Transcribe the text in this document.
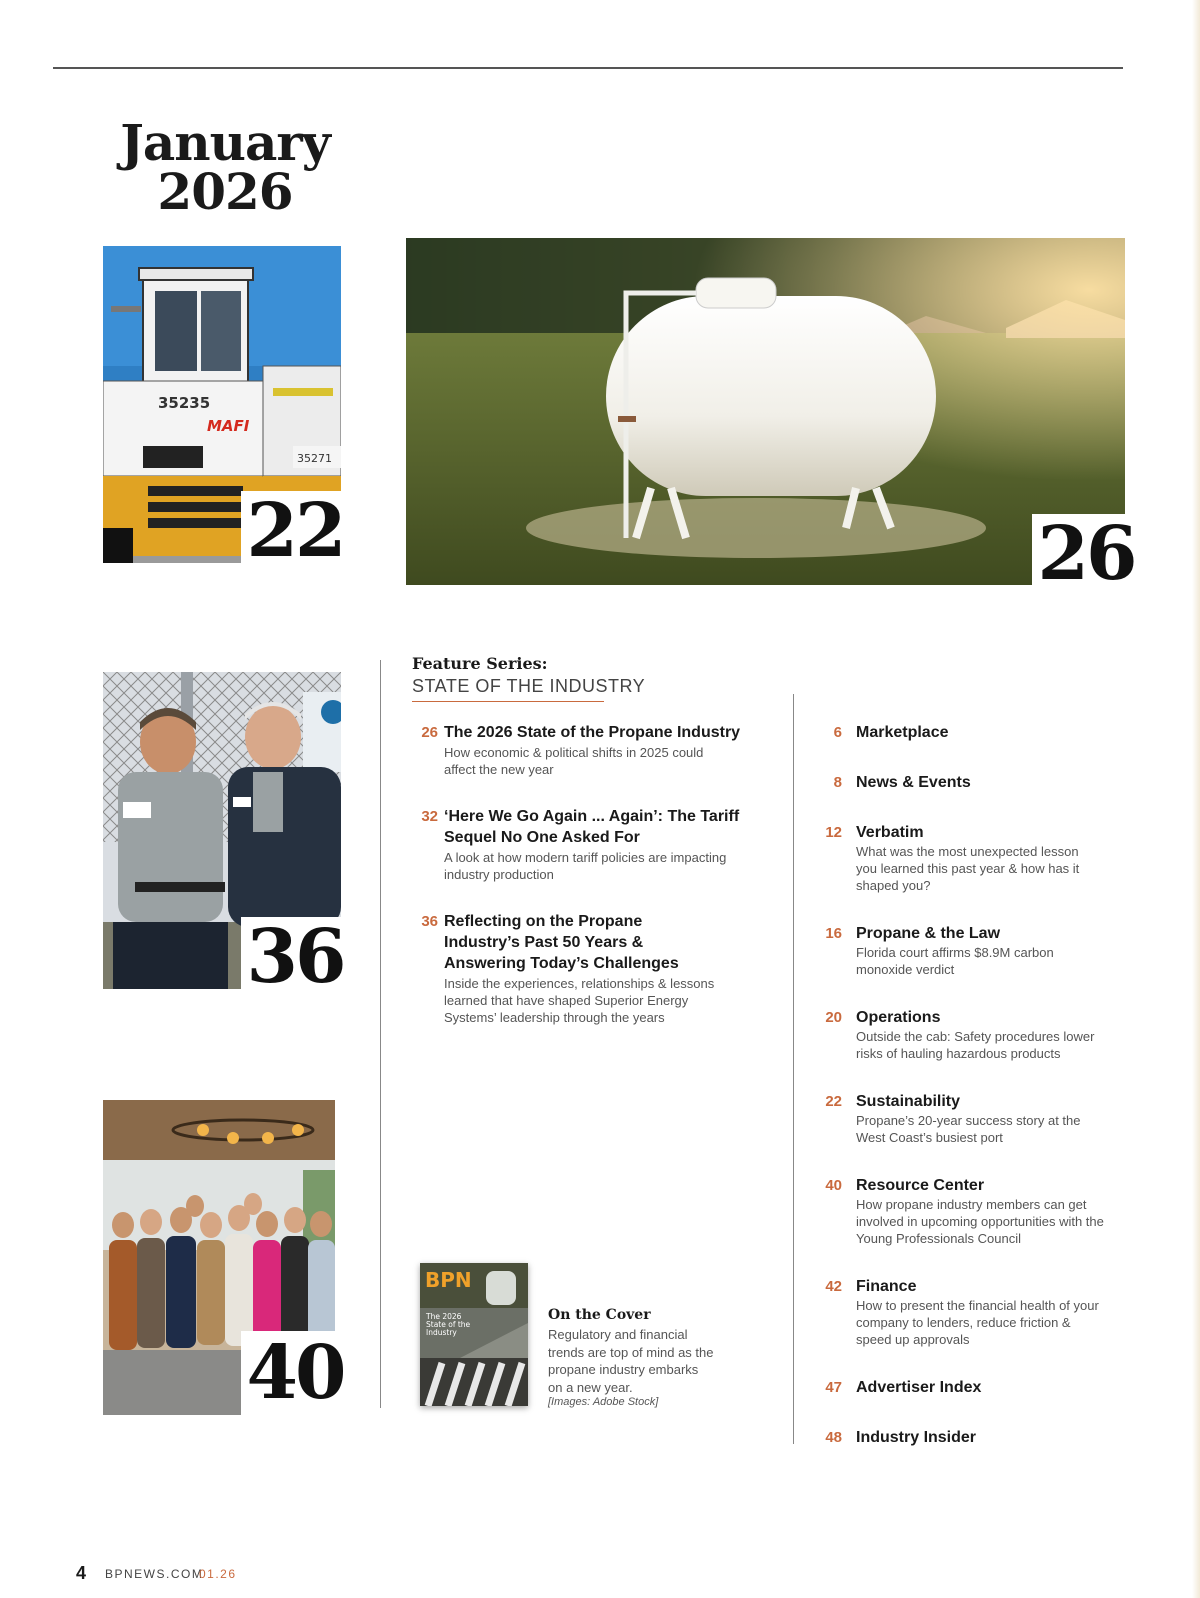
January
2026
35235
MAFI
35271
22	26
36
40
Feature Series:
STATE OF THE INDUSTRY
26 The 2026 State of the Propane Industry
How economic & political shifts in 2025 could
affect the new year
32 ‘Here We Go Again ... Again’: The Tariff
Sequel No One Asked For
A look at how modern tariff policies are impacting
industry production
36 Reflecting on the Propane
Industry’s Past 50 Years &
Answering Today’s Challenges
Inside the experiences, relationships & lessons
learned that have shaped Superior Energy
Systems’ leadership through the years
BPN
The 2026
State of the
Industry
On the Cover
Regulatory and financial
trends are top of mind as the
propane industry embarks
on a new year.
[Images: Adobe Stock]
6 Marketplace
8 News & Events
12 Verbatim
What was the most unexpected lesson
you learned this past year & how has it
shaped you?
16 Propane & the Law
Florida court affirms $8.9M carbon
monoxide verdict
20 Operations
Outside the cab: Safety procedures lower
risks of hauling hazardous products
22 Sustainability
Propane’s 20-year success story at the
West Coast’s busiest port
40 Resource Center
How propane industry members can get
involved in upcoming opportunities with the
Young Professionals Council
42 Finance
How to present the financial health of your
company to lenders, reduce friction &
speed up approvals
47 Advertiser Index
48 Industry Insider
4 BPNEWS.COM
01.26
